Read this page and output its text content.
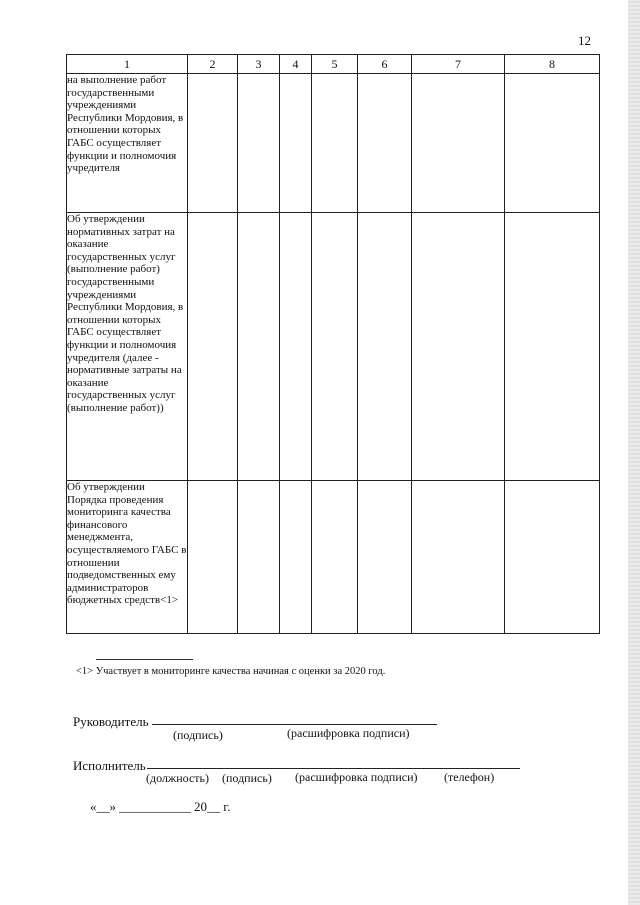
12
1	2	3	4	5	6	7	8
на выполнение работ государственными учреждениями Республики Мордовия, в отношении которых ГАБС осуществляет функции и полномочия учредителя							
Об утверждении нормативных затрат на оказание государственных услуг (выполнение работ) государственными учреждениями Республики Мордовия, в отношении которых ГАБС осуществляет функции и полномочия учредителя (далее - нормативные затраты на оказание государственных услуг (выполнение работ))							
Об утверждении Порядка проведения мониторинга качества финансового менеджмента, осуществляемого ГАБС в отношении подведомственных ему администраторов бюджетных средств<1>							
<1> Участвует в мониторинге качества начиная с оценки за 2020 год.
Руководитель
(подпись)	(расшифровка подписи)
Исполнитель
(должность) (подпись) (расшифровка подписи) (телефон)
«__» ___________ 20__ г.
